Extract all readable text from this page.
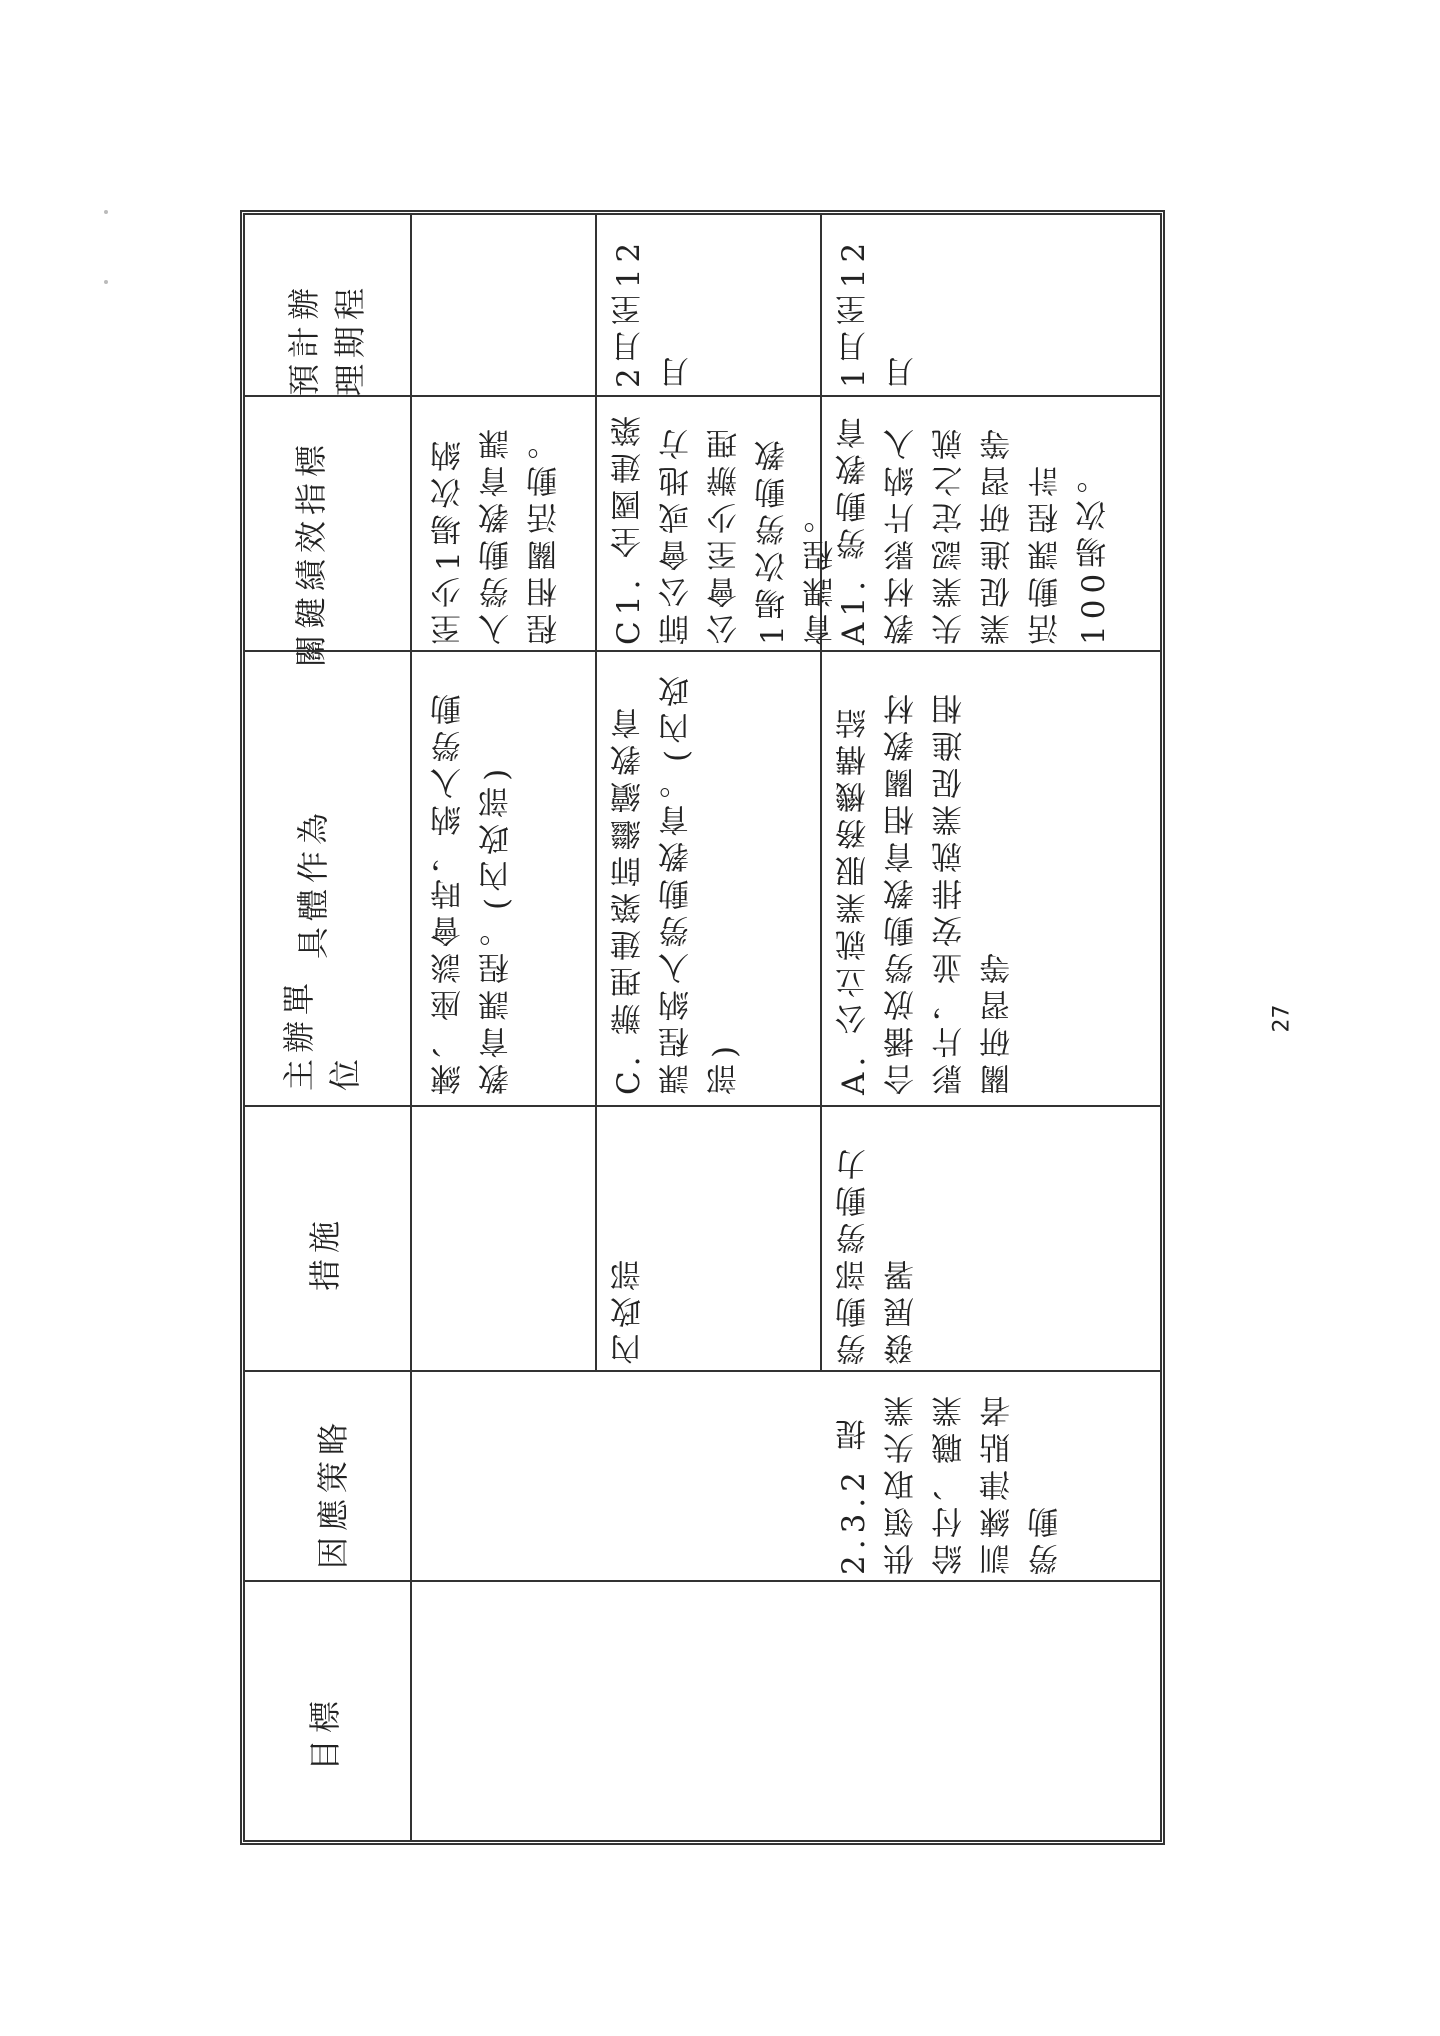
目標
因應策略
措施
主辦單位
具體作為
關鍵績效指標
預計辦理期程
練、座談會時，納入勞動教育課程。(內政部)
至少1場次納入勞動教育課程相關活動。
內政部
C. 辦理建築師繼續教育課程納入勞動教育。(內政部)
C1. 全國建築師公會或地方公會至少辦理1場次勞動教育課程。
2月至12月
2.3.2 提供領取失業給付、職業訓練津貼者勞動
勞動部勞動力發展署
A. 公立就業服務機構結合播放勞動教育相關教材影片，並安排就業促進相關研習等
A1. 勞動教育教材影片納入失業認定之就業促進研習等活動課程計100場次。
1月至12月
27
